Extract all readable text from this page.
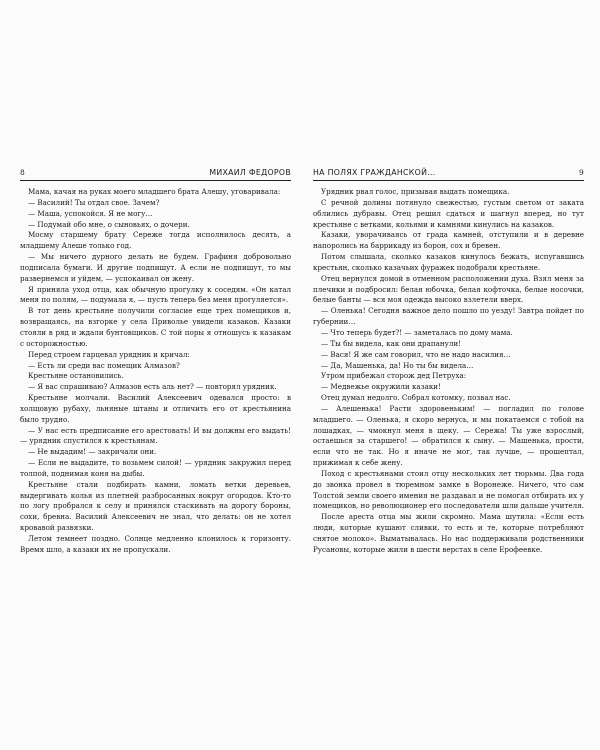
8	МИХАИЛ ФЕДОРОВ

Мама, качая на руках моего младшего брата Алешу, уговаривала:

— Василий! Ты отдал свое. Зачем?

— Маша, успокойся. Я не могу…

— Подумай обо мне, о сыновьях, о дочери.

Мосму старшему брату Сереже тогда исполнилось десять, а младшему Алеше только год.

— Мы ничего дурного делать не будем. Графиня добровольно подписала бумаги. И другие подпишут. А если не подпишут, то мы развернемся и уйдем, — успокаивал он жену.

Я приняла уход отца, как обычную прогулку к соседям. «Он катал меня по полям, — подумала я, — пусть теперь без меня прогуляется».

В тот день крестьяне получили согласие еще трех помещиков и, возвращаясь, на взгорке у села Приволье увидели казаков. Казаки стояли в ряд и ждали бунтовщиков. С той поры я отношусь к казакам с осторожностью.

Перед строем гарцевал урядник и кричал:

— Есть ли среди вас помещик Алмазов?

Крестьяне остановились.

— Я вас спрашиваю? Алмазов есть аль нет? — повторял урядник.

Крестьяне молчали. Василий Алексеевич одевался просто: в холщовую рубаху, льняные штаны и отличить его от крестьянина было трудно.

— У нас есть предписание его арестовать! И вы должны его выдать! — урядник спустился к крестьянам.

— Не выдадим! — закричали они.

— Если не выдадите, то возьмем силой! — урядник закружил перед толпой, поднимая коня на дыбы.

Крестьяне стали подбирать камни, ломать ветки деревьев, выдергивать колья из плетней разбросанных вокруг огородов. Кто-то по логу пробрался к селу и принялся стаскивать на дорогу бороны, сохи, бревна. Василий Алексеевич не знал, что делать: он не хотел кровавой развязки.

Летом темнеет поздно. Солнце медленно клонилось к горизонту. Время шло, а казаки их не пропускали.

НА ПОЛЯХ ГРАЖДАНСКОЙ...	9

Урядник рвал голос, призывая выдать помещика.

С речной долины потянуло свежестью, густым светом от заката облились дубравы. Отец решил сдаться и шагнул вперед, но тут крестьяне с ветками, кольями и камнями кинулись на казаков.

Казаки, уворачиваясь от града камней, отступили и в деревне напоролись на баррикаду из борон, сох и бревен.

Потом слышала, сколько казаков кинулось бежать, испугавшись крестьян, сколько казачьих фуражек подобрали крестьяне.

Отец вернулся домой в отменном расположении духа. Взял меня за плечики и подбросил: белая юбочка, белая кофточка, белые носочки, белые банты — вся моя одежда высоко взлетели вверх.

— Оленька! Сегодня важное дело пошло по уезду! Завтра пойдет по губернии…

— Что теперь будет?! — заметалась по дому мама.

— Ты бы видела, как они драпанули!

— Вася! Я же сам говорил, что не надо насилия…

— Да, Машенька, да! Но ты бы видела…

Утром прибежал сторож дед Петруха:

— Медвежье окружили казаки!

Отец думал недолго. Собрал котомку, позвал нас.

— Алешенька! Расти здоровеньким! — погладил по голове младшего. — Оленька, я скоро вернусь, и мы покатаемся с тобой на лошадках, — чмокнул меня в щеку. — Сережа! Ты уже взрослый, остаешься за старшего! — обратился к сыну. — Машенька, прости, если что не так. Но я иначе не мог, так лучше, — прошептал, прижимая к себе жену.

Поход с крестьянами стоил отцу нескольких лет тюрьмы. Два года до звонка провел в тюремном замке в Воронеже. Ничего, что сам Толстой земли своего имения не раздавал и не помогал отбирать их у помещиков, но революционер его последователи шли дальше учителя.

После ареста отца мы жили скромно. Мама шутила: «Если есть люди, которые кушают сливки, то есть и те, которые потребляют снятое молоко». Выматывалась. Но нас поддерживали родственники Русановы, которые жили в шести верстах в селе Ерофеевке.
